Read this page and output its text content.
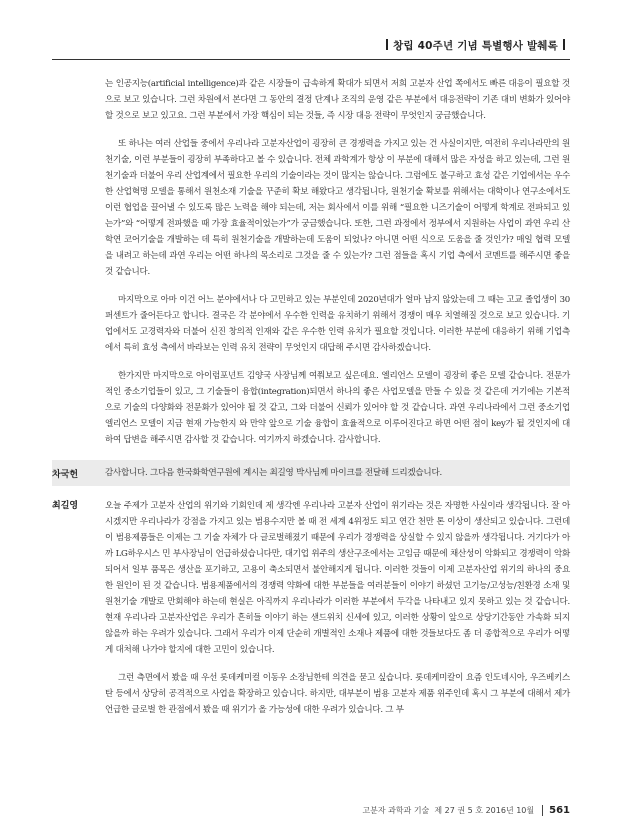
창립 40주년 기념 특별행사 발췌록

는 인공지능(artificial intelligence)과 같은 시장들이 급속하게 확대가 되면서 저희 고분자 산업 쪽에서도 빠른 대응이 필요할 것으로 보고 있습니다. 그런 차원에서 본다면 그 동안의 결정 단계나 조직의 운영 같은 부분에서 대응전략이 기존 대비 변화가 있어야 할 것으로 보고 있고요. 그런 부분에서 가장 핵심이 되는 것들, 즉 시장 대응 전략이 무엇인지 궁금했습니다.

또 하나는 여러 산업들 중에서 우리나라 고분자산업이 굉장히 큰 경쟁력을 가지고 있는 건 사실이지만, 여전히 우리나라만의 원천기술, 이런 부분들이 굉장히 부족하다고 볼 수 있습니다. 전체 과학계가 항상 이 부분에 대해서 많은 자성을 하고 있는데, 그런 원천기술과 더불어 우리 산업계에서 필요한 우리의 기술이라는 것이 많지는 않습니다. 그럼에도 불구하고 효성 같은 기업에서는 우수한 산업혁명 모델을 통해서 원천소재 기술을 꾸준히 확보 해왔다고 생각됩니다, 원천기술 확보를 위해서는 대학이나 연구소에서도 이런 협업을 끌어낼 수 있도록 많은 노력을 해야 되는데, 저는 회사에서 이를 위해 “필요한 니즈기술이 어떻게 학계로 전파되고 있는가”와 “어떻게 전파했을 때 가장 효율적이었는가”가 궁금했습니다. 또한, 그런 과정에서 정부에서 지원하는 사업이 과연 우리 산학연 코어기술을 개발하는 데 특히 원천기술을 개발하는데 도움이 되었나? 아니면 어떤 식으로 도움을 줄 것인가? 매일 협력 모델을 내려고 하는데 과연 우리는 어떤 하나의 목소리로 그것을 줄 수 있는가? 그런 점들을 혹시 기업 측에서 코멘트를 해주시면 좋을 것 같습니다.

마지막으로 아마 이건 어느 분야에서나 다 고민하고 있는 부분인데 2020년대가 얼마 남지 않았는데 그 때는 고교 졸업생이 30퍼센트가 줄어든다고 합니다. 결국은 각 분야에서 우수한 인력을 유치하기 위해서 경쟁이 매우 치열해질 것으로 보고 있습니다. 기업에서도 고경력자와 더불어 신진 창의적 인재와 같은 우수한 인력 유치가 필요할 것입니다. 이러한 부분에 대응하기 위해 기업측에서 특히 효성 측에서 바라보는 인력 유치 전략이 무엇인지 대답해 주시면 감사하겠습니다.

한가지만 마지막으로 아이럼포넌트 김양국 사장님께 여쭤보고 싶은데요. 엘리언스 모델이 굉장히 좋은 모델 같습니다. 전문가적인 중소기업들이 있고, 그 기술들이 융합(integration)되면서 하나의 좋은 사업모델을 만들 수 있을 것 같은데 거기에는 기본적으로 기술의 다양화와 전문화가 있어야 될 것 같고, 그와 더불어 신뢰가 있어야 할 것 같습니다. 과연 우리나라에서 그런 중소기업 엘리언스 모델이 지금 현재 가능한지 와 만약 앞으로 기술 융합이 효율적으로 이루어진다고 하면 어떤 점이 key가 될 것인지에 대하여 답변을 해주시면 감사할 것 같습니다. 여기까지 하겠습니다. 감사합니다.

차국헌	감사합니다. 그다음 한국화학연구원에 계시는 최길영 박사님께 마이크를 전달해 드리겠습니다.
최길영	오늘 주제가 고분자 산업의 위기와 기회인데 제 생각엔 우리나라 고분자 산업이 위기라는 것은 자명한 사실이라 생각됩니다. 잘 아시겠지만 우리나라가 강점을 가지고 있는 범용수지만 볼 때 전 세계 4위정도 되고 연간 천만 톤 이상이 생산되고 있습니다. 그런데 이 범용제품들은 이제는 그 기술 자체가 다 글로벌해졌기 때문에 우리가 경쟁력을 상실할 수 있지 않을까 생각됩니다. 거기다가 아까 LG하우시스 민 부사장님이 언급하셨습니다만, 대기업 위주의 생산구조에서는 고임금 때문에 채산성이 악화되고 경쟁력이 악화되어서 일부 품목은 생산을 포기하고, 고용이 축소되면서 불안해지게 됩니다. 이러한 것들이 이제 고분자산업 위기의 하나의 중요한 원인이 된 것 같습니다. 범용제품에서의 경쟁력 약화에 대한 부분들을 여러분들이 이야기 하셨던 고기능/고성능/친환경 소재 및 원천기술 개발로 만회해야 하는데 현실은 아직까지 우리나라가 이러한 부분에서 두각을 나타내고 있지 못하고 있는 것 같습니다. 현재 우리나라 고분자산업은 우리가 흔히들 이야기 하는 샌드위치 신세에 있고, 이러한 상황이 앞으로 상당기간동안 가속화 되지 않을까 하는 우려가 있습니다. 그래서 우리가 이제 단순히 개별적인 소재나 제품에 대한 것들보다도 좀 더 종합적으로 우리가 어떻게 대처해 나가야 할지에 대한 고민이 있습니다.

그런 측면에서 봤을 때 우선 롯데케미컬 이동우 소장님한테 의견을 묻고 싶습니다. 롯데케미칼이 요즘 인도네시아, 우즈베키스탄 등에서 상당히 공격적으로 사업을 확장하고 있습니다. 하지만, 대부분이 범용 고분자 제품 위주인데 혹시 그 부분에 대해서 제가 언급한 글로벌 한 관점에서 봤을 때 위기가 올 가능성에 대한 우려가 있습니다. 그 부

고분자 과학과 기술
제 27 권 5 호
2016년 10월 561
